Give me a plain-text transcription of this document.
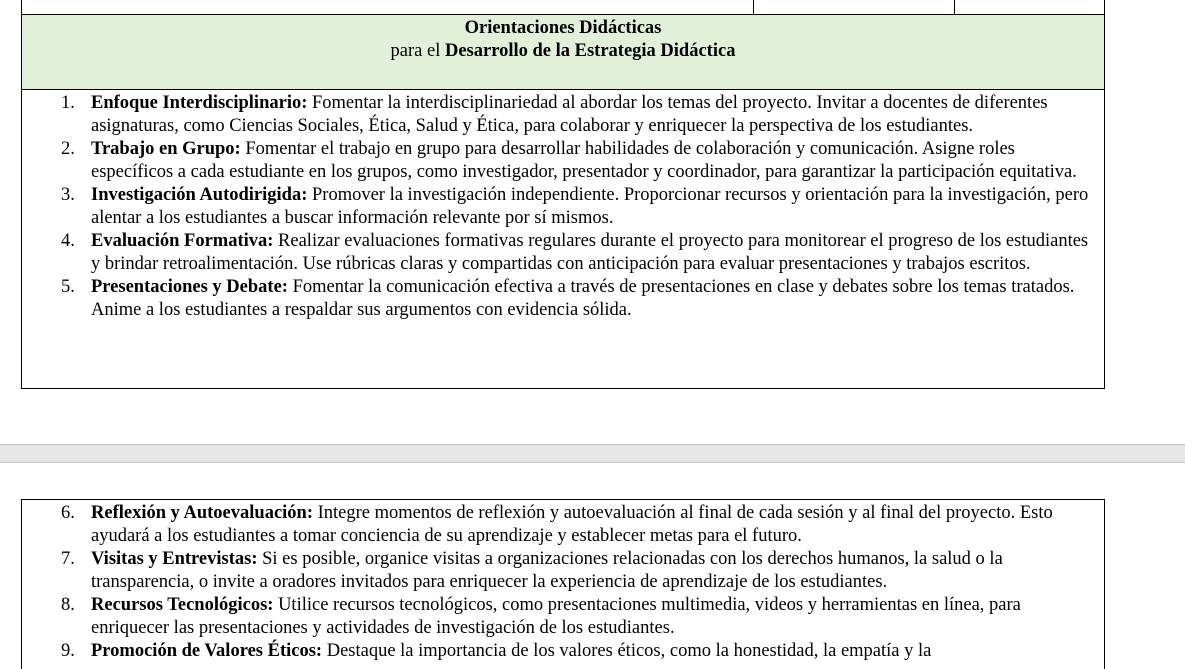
Orientaciones Didácticas
para el Desarrollo de la Estrategia Didáctica
1. Enfoque Interdisciplinario: Fomentar la interdisciplinariedad al abordar los temas del proyecto. Invitar a docentes de diferentes asignaturas, como Ciencias Sociales, Ética, Salud y Ética, para colaborar y enriquecer la perspectiva de los estudiantes.
2. Trabajo en Grupo: Fomentar el trabajo en grupo para desarrollar habilidades de colaboración y comunicación. Asigne roles específicos a cada estudiante en los grupos, como investigador, presentador y coordinador, para garantizar la participación equitativa.
3. Investigación Autodirigida: Promover la investigación independiente. Proporcionar recursos y orientación para la investigación, pero alentar a los estudiantes a buscar información relevante por sí mismos.
4. Evaluación Formativa: Realizar evaluaciones formativas regulares durante el proyecto para monitorear el progreso de los estudiantes y brindar retroalimentación. Use rúbricas claras y compartidas con anticipación para evaluar presentaciones y trabajos escritos.
5. Presentaciones y Debate: Fomentar la comunicación efectiva a través de presentaciones en clase y debates sobre los temas tratados. Anime a los estudiantes a respaldar sus argumentos con evidencia sólida.
6. Reflexión y Autoevaluación: Integre momentos de reflexión y autoevaluación al final de cada sesión y al final del proyecto. Esto ayudará a los estudiantes a tomar conciencia de su aprendizaje y establecer metas para el futuro.
7. Visitas y Entrevistas: Si es posible, organice visitas a organizaciones relacionadas con los derechos humanos, la salud o la transparencia, o invite a oradores invitados para enriquecer la experiencia de aprendizaje de los estudiantes.
8. Recursos Tecnológicos: Utilice recursos tecnológicos, como presentaciones multimedia, videos y herramientas en línea, para enriquecer las presentaciones y actividades de investigación de los estudiantes.
9. Promoción de Valores Éticos: Destaque la importancia de los valores éticos, como la honestidad, la empatía y la
